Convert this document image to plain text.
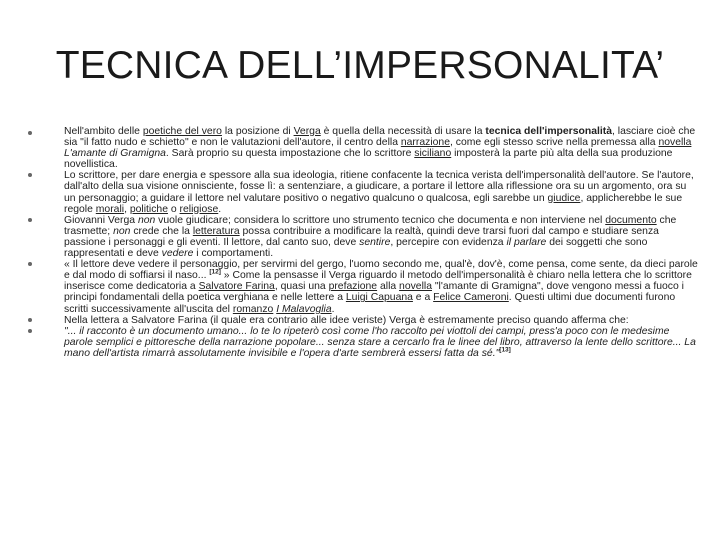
TECNICA DELL’IMPERSONALITA’
Nell'ambito delle poetiche del vero la posizione di Verga è quella della necessità di usare la tecnica dell'impersonalità, lasciare cioè che sia "il fatto nudo e schietto" e non le valutazioni dell'autore, il centro della narrazione, come egli stesso scrive nella premessa alla novella L'amante di Gramigna. Sarà proprio su questa impostazione che lo scrittore siciliano imposterà la parte più alta della sua produzione novellistica.
Lo scrittore, per dare energia e spessore alla sua ideologia, ritiene confacente la tecnica verista dell'impersonalità dell'autore. Se l'autore, dall'alto della sua visione onnisciente, fosse lì: a sentenziare, a giudicare, a portare il lettore alla riflessione ora su un argomento, ora su un personaggio; a guidare il lettore nel valutare positivo o negativo qualcuno o qualcosa, egli sarebbe un giudice, applicherebbe le sue regole morali, politiche o religiose.
Giovanni Verga non vuole giudicare; considera lo scrittore uno strumento tecnico che documenta e non interviene nel documento che trasmette; non crede che la letteratura possa contribuire a modificare la realtà, quindi deve trarsi fuori dal campo e studiare senza passione i personaggi e gli eventi. Il lettore, dal canto suo, deve sentire, percepire con evidenza il parlare dei soggetti che sono rappresentati e deve vedere i comportamenti.
« Il lettore deve vedere il personaggio, per servirmi del gergo, l'uomo secondo me, qual'è, dov'è, come pensa, come sente, da dieci parole e dal modo di soffiarsi il naso... [12] » Come la pensasse il Verga riguardo il metodo dell'impersonalità è chiaro nella lettera che lo scrittore inserisce come dedicatoria a Salvatore Farina, quasi una prefazione alla novella "l'amante di Gramigna", dove vengono messi a fuoco i principi fondamentali della poetica verghiana e nelle lettere a Luigi Capuana e a Felice Cameroni. Questi ultimi due documenti furono scritti successivamente all'uscita del romanzo I Malavoglia.
Nella lettera a Salvatore Farina (il quale era contrario alle idee veriste) Verga è estremamente preciso quando afferma che:
"... il racconto è un documento umano... lo te lo ripeterò così come l'ho raccolto pei viottoli dei campi, press'a poco con le medesime parole semplici e pittoresche della narrazione popolare... senza stare a cercarlo fra le linee del libro, attraverso la lente dello scrittore... La mano dell'artista rimarrà assolutamente invisibile e l'opera d'arte sembrerà essersi fatta da sé."[13]
